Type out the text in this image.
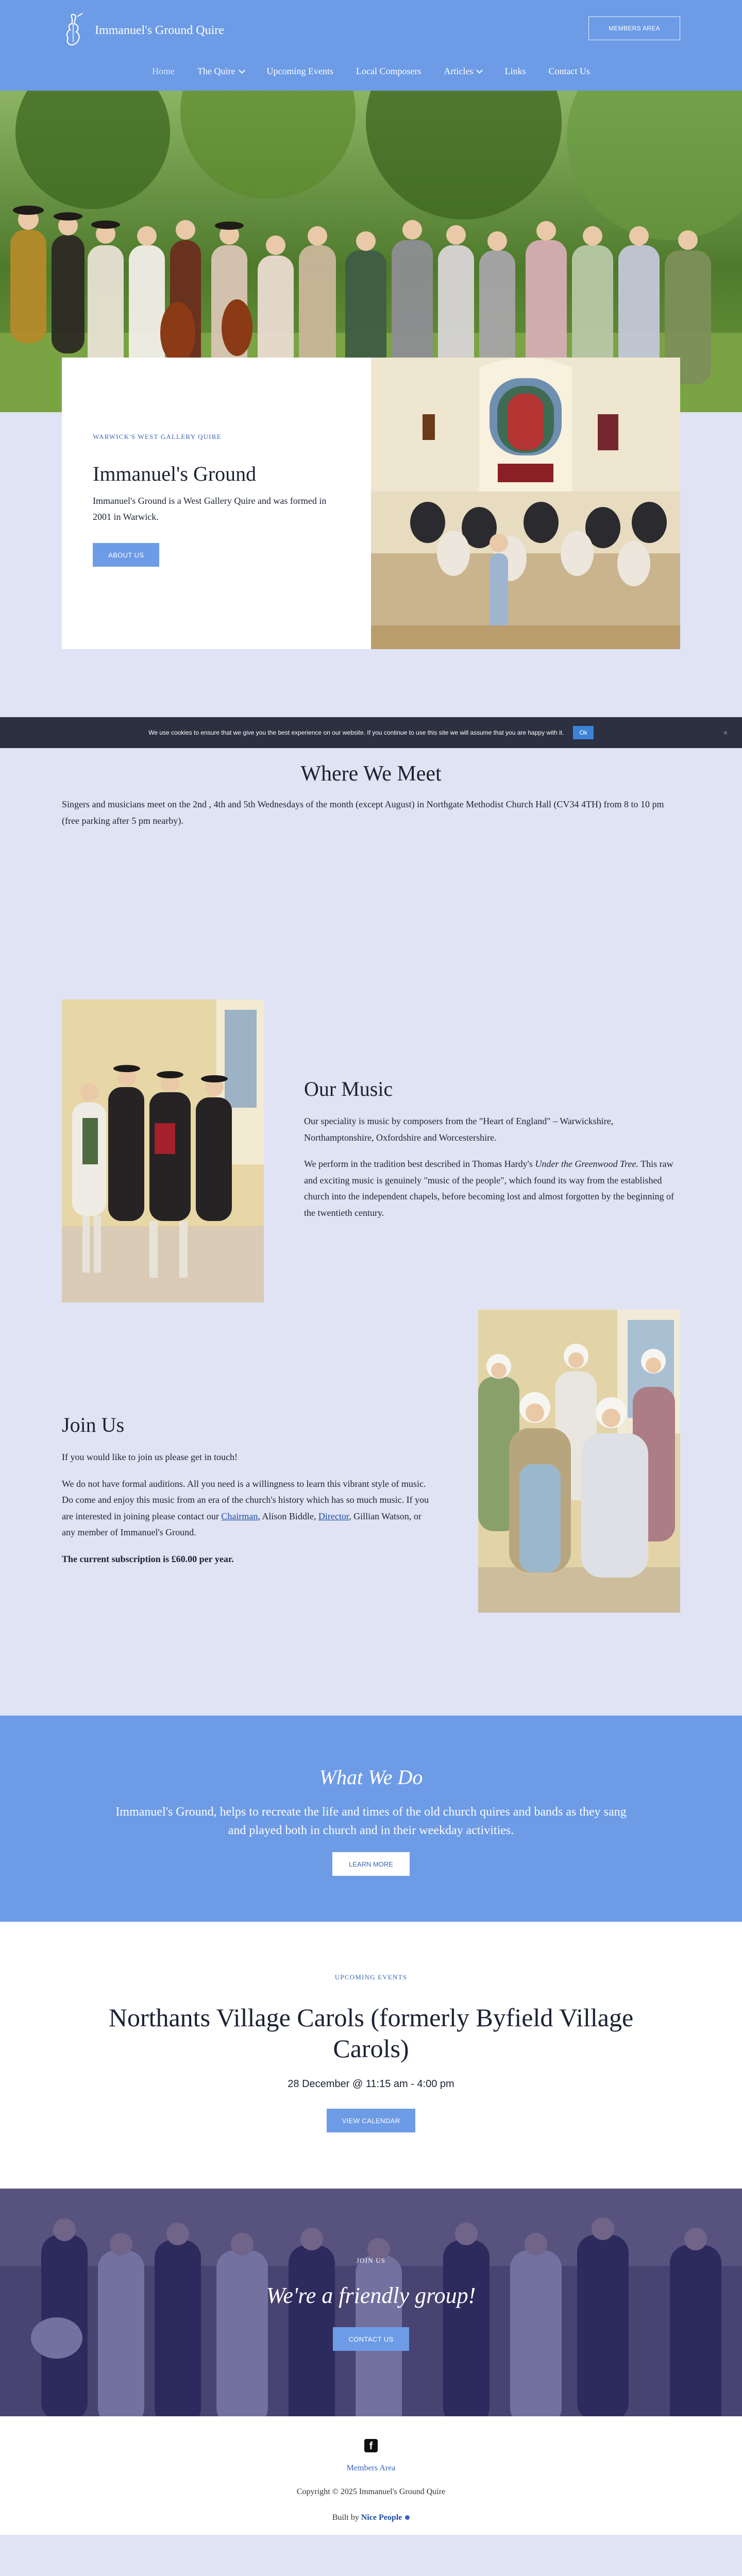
Immanuel's Ground Quire	MEMBERS AREA
Home The Quire	Upcoming Events Local Composers Articles	Links Contact Us
WARWICK'S WEST GALLERY QUIRE
Immanuel's Ground

Immanuel's Ground is a West Gallery Quire and was formed in 2001 in Warwick.

ABOUT US
We use cookies to ensure that we give you the best experience on our website. If you continue to use this site we will assume that you are happy with it.	Ok	×
Where We Meet

Singers and musicians meet on the 2nd , 4th and 5th Wednesdays of the month (except August) in Northgate Methodist Church Hall (CV34 4TH) from 8 to 10 pm (free parking after 5 pm nearby).

Our Music

Our speciality is music by composers from the "Heart of England" – Warwickshire, Northamptonshire, Oxfordshire and Worcestershire.

We perform in the tradition best described in Thomas Hardy's Under the Greenwood Tree. This raw and exciting music is genuinely "music of the people", which found its way from the established church into the independent chapels, before becoming lost and almost forgotten by the beginning of the twentieth century.

Join Us

If you would like to join us please get in touch!

We do not have formal auditions. All you need is a willingness to learn this vibrant style of music. Do come and enjoy this music from an era of the church's history which has so much music. If you are interested in joining please contact our Chairman, Alison Biddle, Director, Gillian Watson, or any member of Immanuel's Ground.

The current subscription is £60.00 per year.

What We Do

Immanuel's Ground, helps to recreate the life and times of the old church quires and bands as they sang and played both in church and in their weekday activities.

LEARN MORE
UPCOMING EVENTS
Northants Village Carols (formerly Byfield Village Carols)
28 December @ 11:15 am - 4:00 pm
VIEW CALENDAR
JOIN US
We're a friendly group!
CONTACT US
f
Members Area

Copyright © 2025 Immanuel's Ground Quire

Built by Nice People
